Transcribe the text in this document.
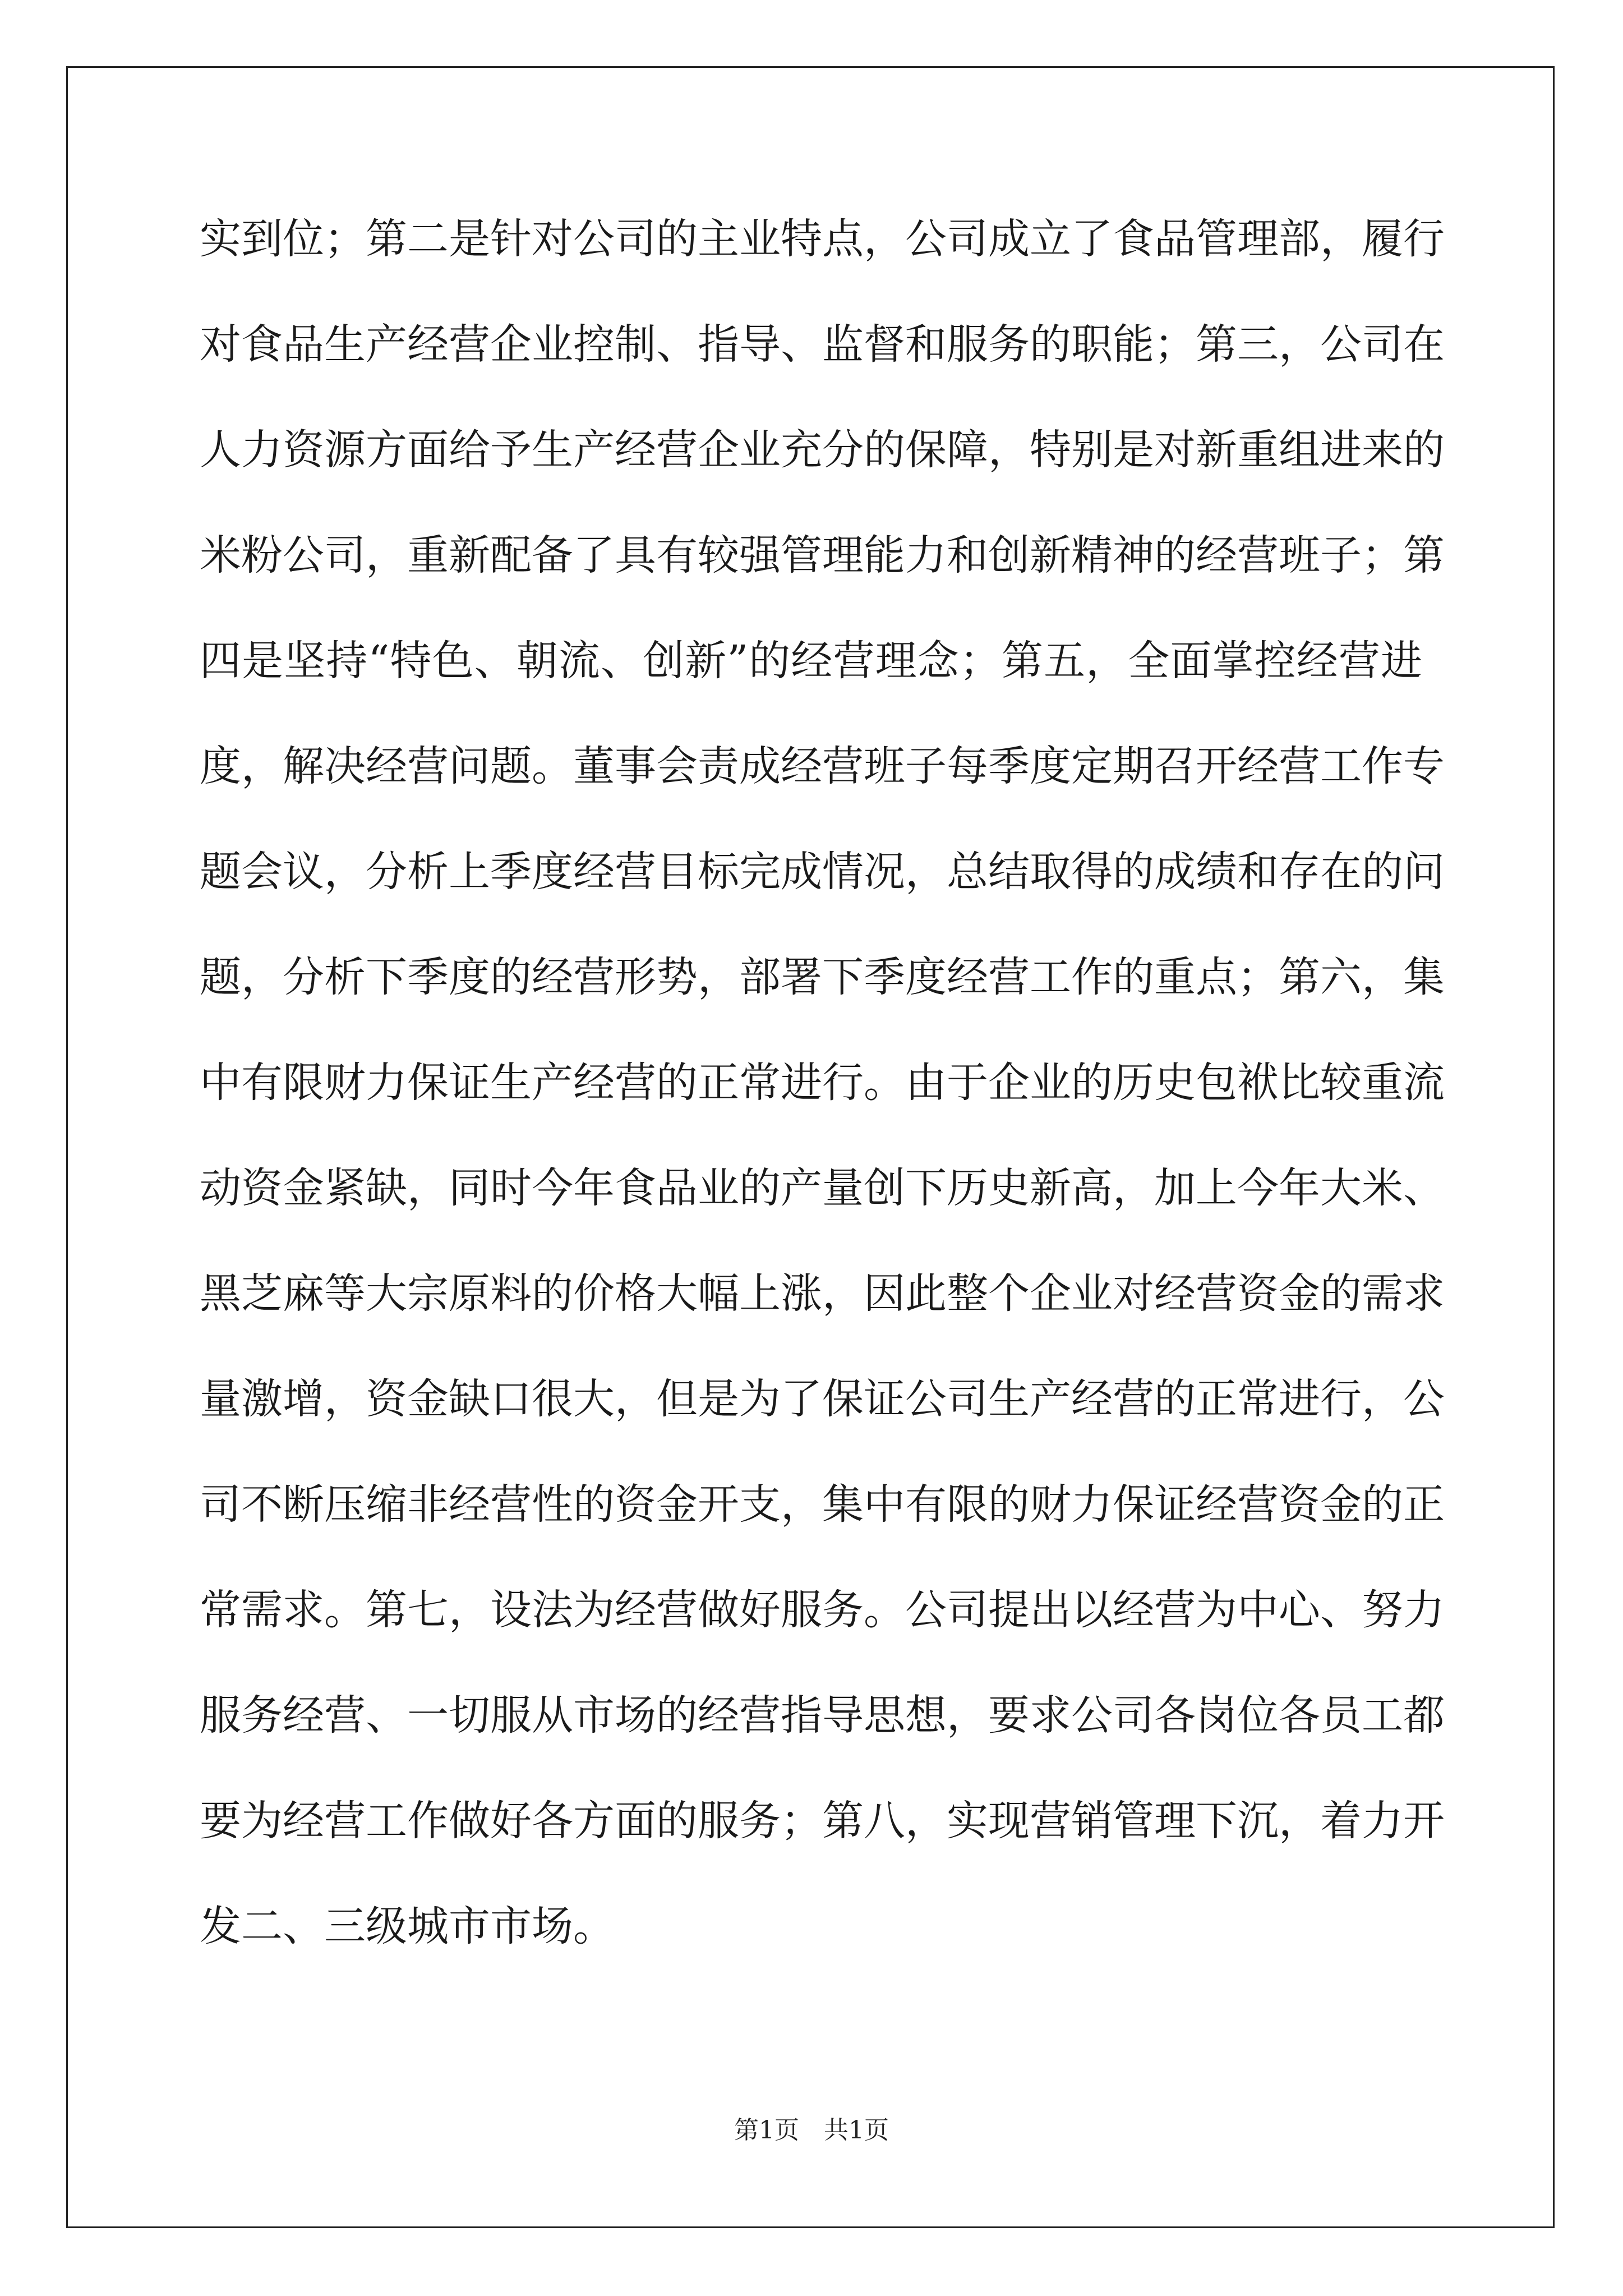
实到位；第二是针对公司的主业特点，公司成立了食品管理部，履行
对食品生产经营企业控制、指导、监督和服务的职能；第三，公司在
人力资源方面给予生产经营企业充分的保障，特别是对新重组进来的
米粉公司，重新配备了具有较强管理能力和创新精神的经营班子；第
四是坚持“特色、朝流、创新”的经营理念；第五，全面掌控经营进
度，解决经营问题。董事会责成经营班子每季度定期召开经营工作专
题会议，分析上季度经营目标完成情况，总结取得的成绩和存在的问
题，分析下季度的经营形势，部署下季度经营工作的重点；第六，集
中有限财力保证生产经营的正常进行。由于企业的历史包袱比较重流
动资金紧缺，同时今年食品业的产量创下历史新高，加上今年大米、
黑芝麻等大宗原料的价格大幅上涨，因此整个企业对经营资金的需求
量激增，资金缺口很大，但是为了保证公司生产经营的正常进行，公
司不断压缩非经营性的资金开支，集中有限的财力保证经营资金的正
常需求。第七，设法为经营做好服务。公司提出以经营为中心、努力
服务经营、一切服从市场的经营指导思想，要求公司各岗位各员工都
要为经营工作做好各方面的服务；第八，实现营销管理下沉，着力开
发二、三级城市市场。
第1页 共1页
